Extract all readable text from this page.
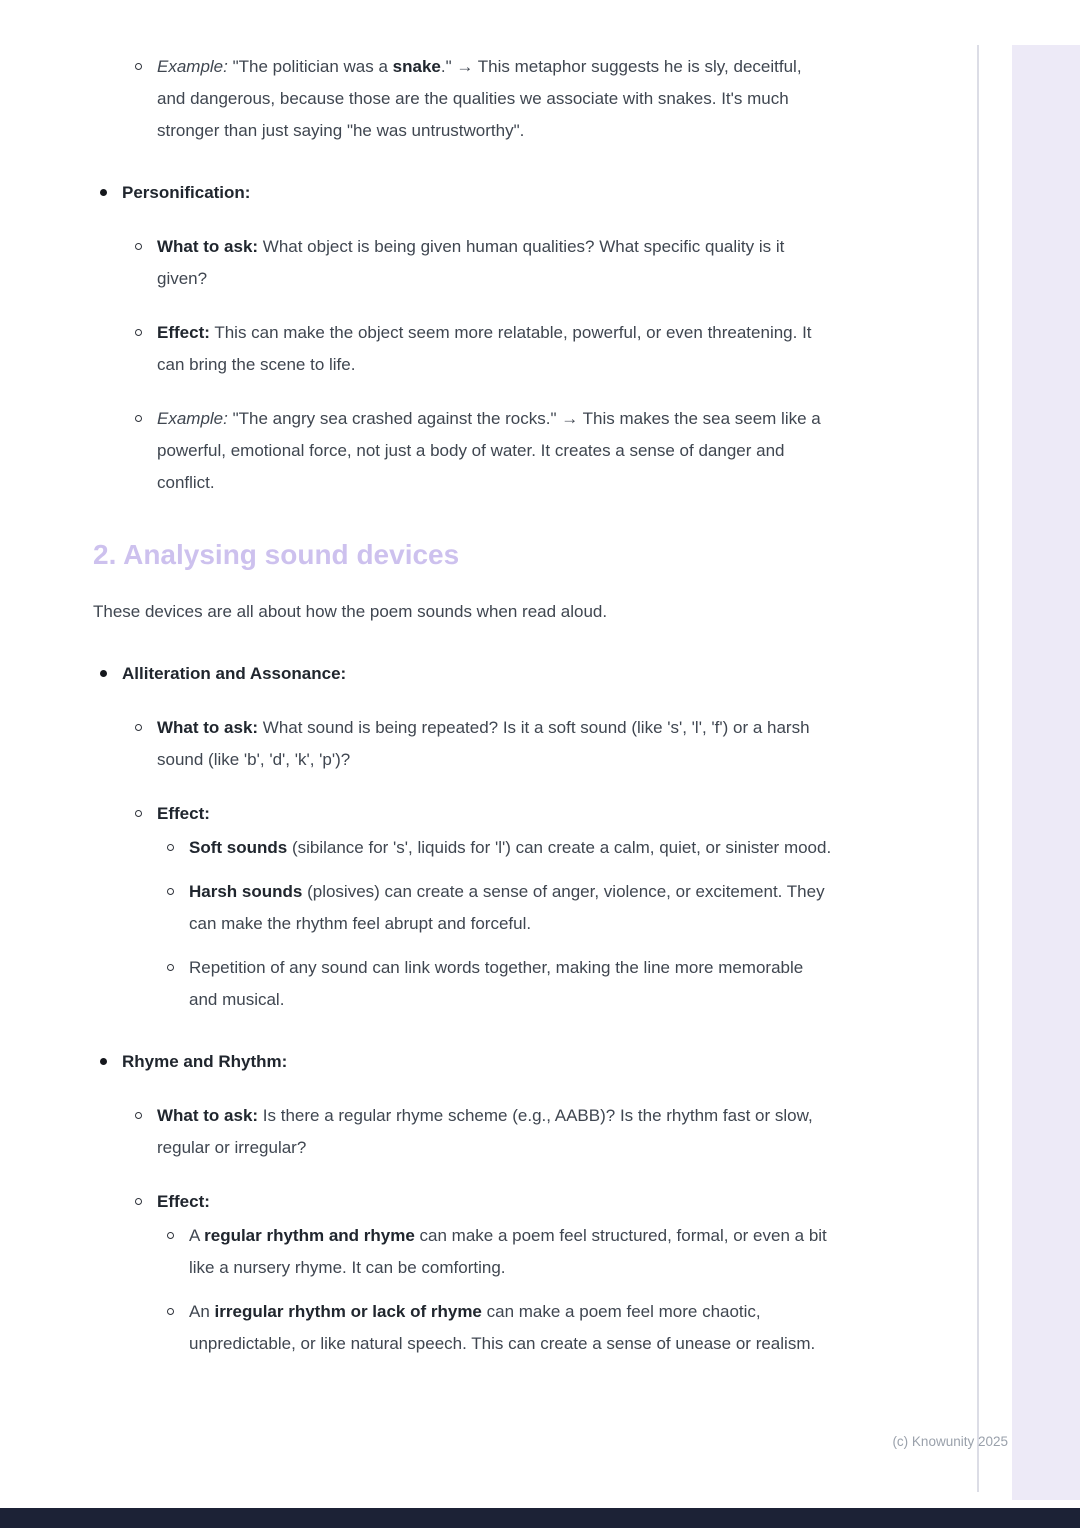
Example: "The politician was a snake." → This metaphor suggests he is sly, deceitful, and dangerous, because those are the qualities we associate with snakes. It's much stronger than just saying "he was untrustworthy".
Personification:
What to ask: What object is being given human qualities? What specific quality is it given?
Effect: This can make the object seem more relatable, powerful, or even threatening. It can bring the scene to life.
Example: "The angry sea crashed against the rocks." → This makes the sea seem like a powerful, emotional force, not just a body of water. It creates a sense of danger and conflict.
2. Analysing sound devices

These devices are all about how the poem sounds when read aloud.

Alliteration and Assonance:
What to ask: What sound is being repeated? Is it a soft sound (like 's', 'l', 'f') or a harsh sound (like 'b', 'd', 'k', 'p')?
Effect:
Soft sounds (sibilance for 's', liquids for 'l') can create a calm, quiet, or sinister mood.
Harsh sounds (plosives) can create a sense of anger, violence, or excitement. They can make the rhythm feel abrupt and forceful.
Repetition of any sound can link words together, making the line more memorable and musical.
Rhyme and Rhythm:
What to ask: Is there a regular rhyme scheme (e.g., AABB)? Is the rhythm fast or slow, regular or irregular?
Effect:
A regular rhythm and rhyme can make a poem feel structured, formal, or even a bit like a nursery rhyme. It can be comforting.
An irregular rhythm or lack of rhyme can make a poem feel more chaotic, unpredictable, or like natural speech. This can create a sense of unease or realism.
(c) Knowunity 2025
